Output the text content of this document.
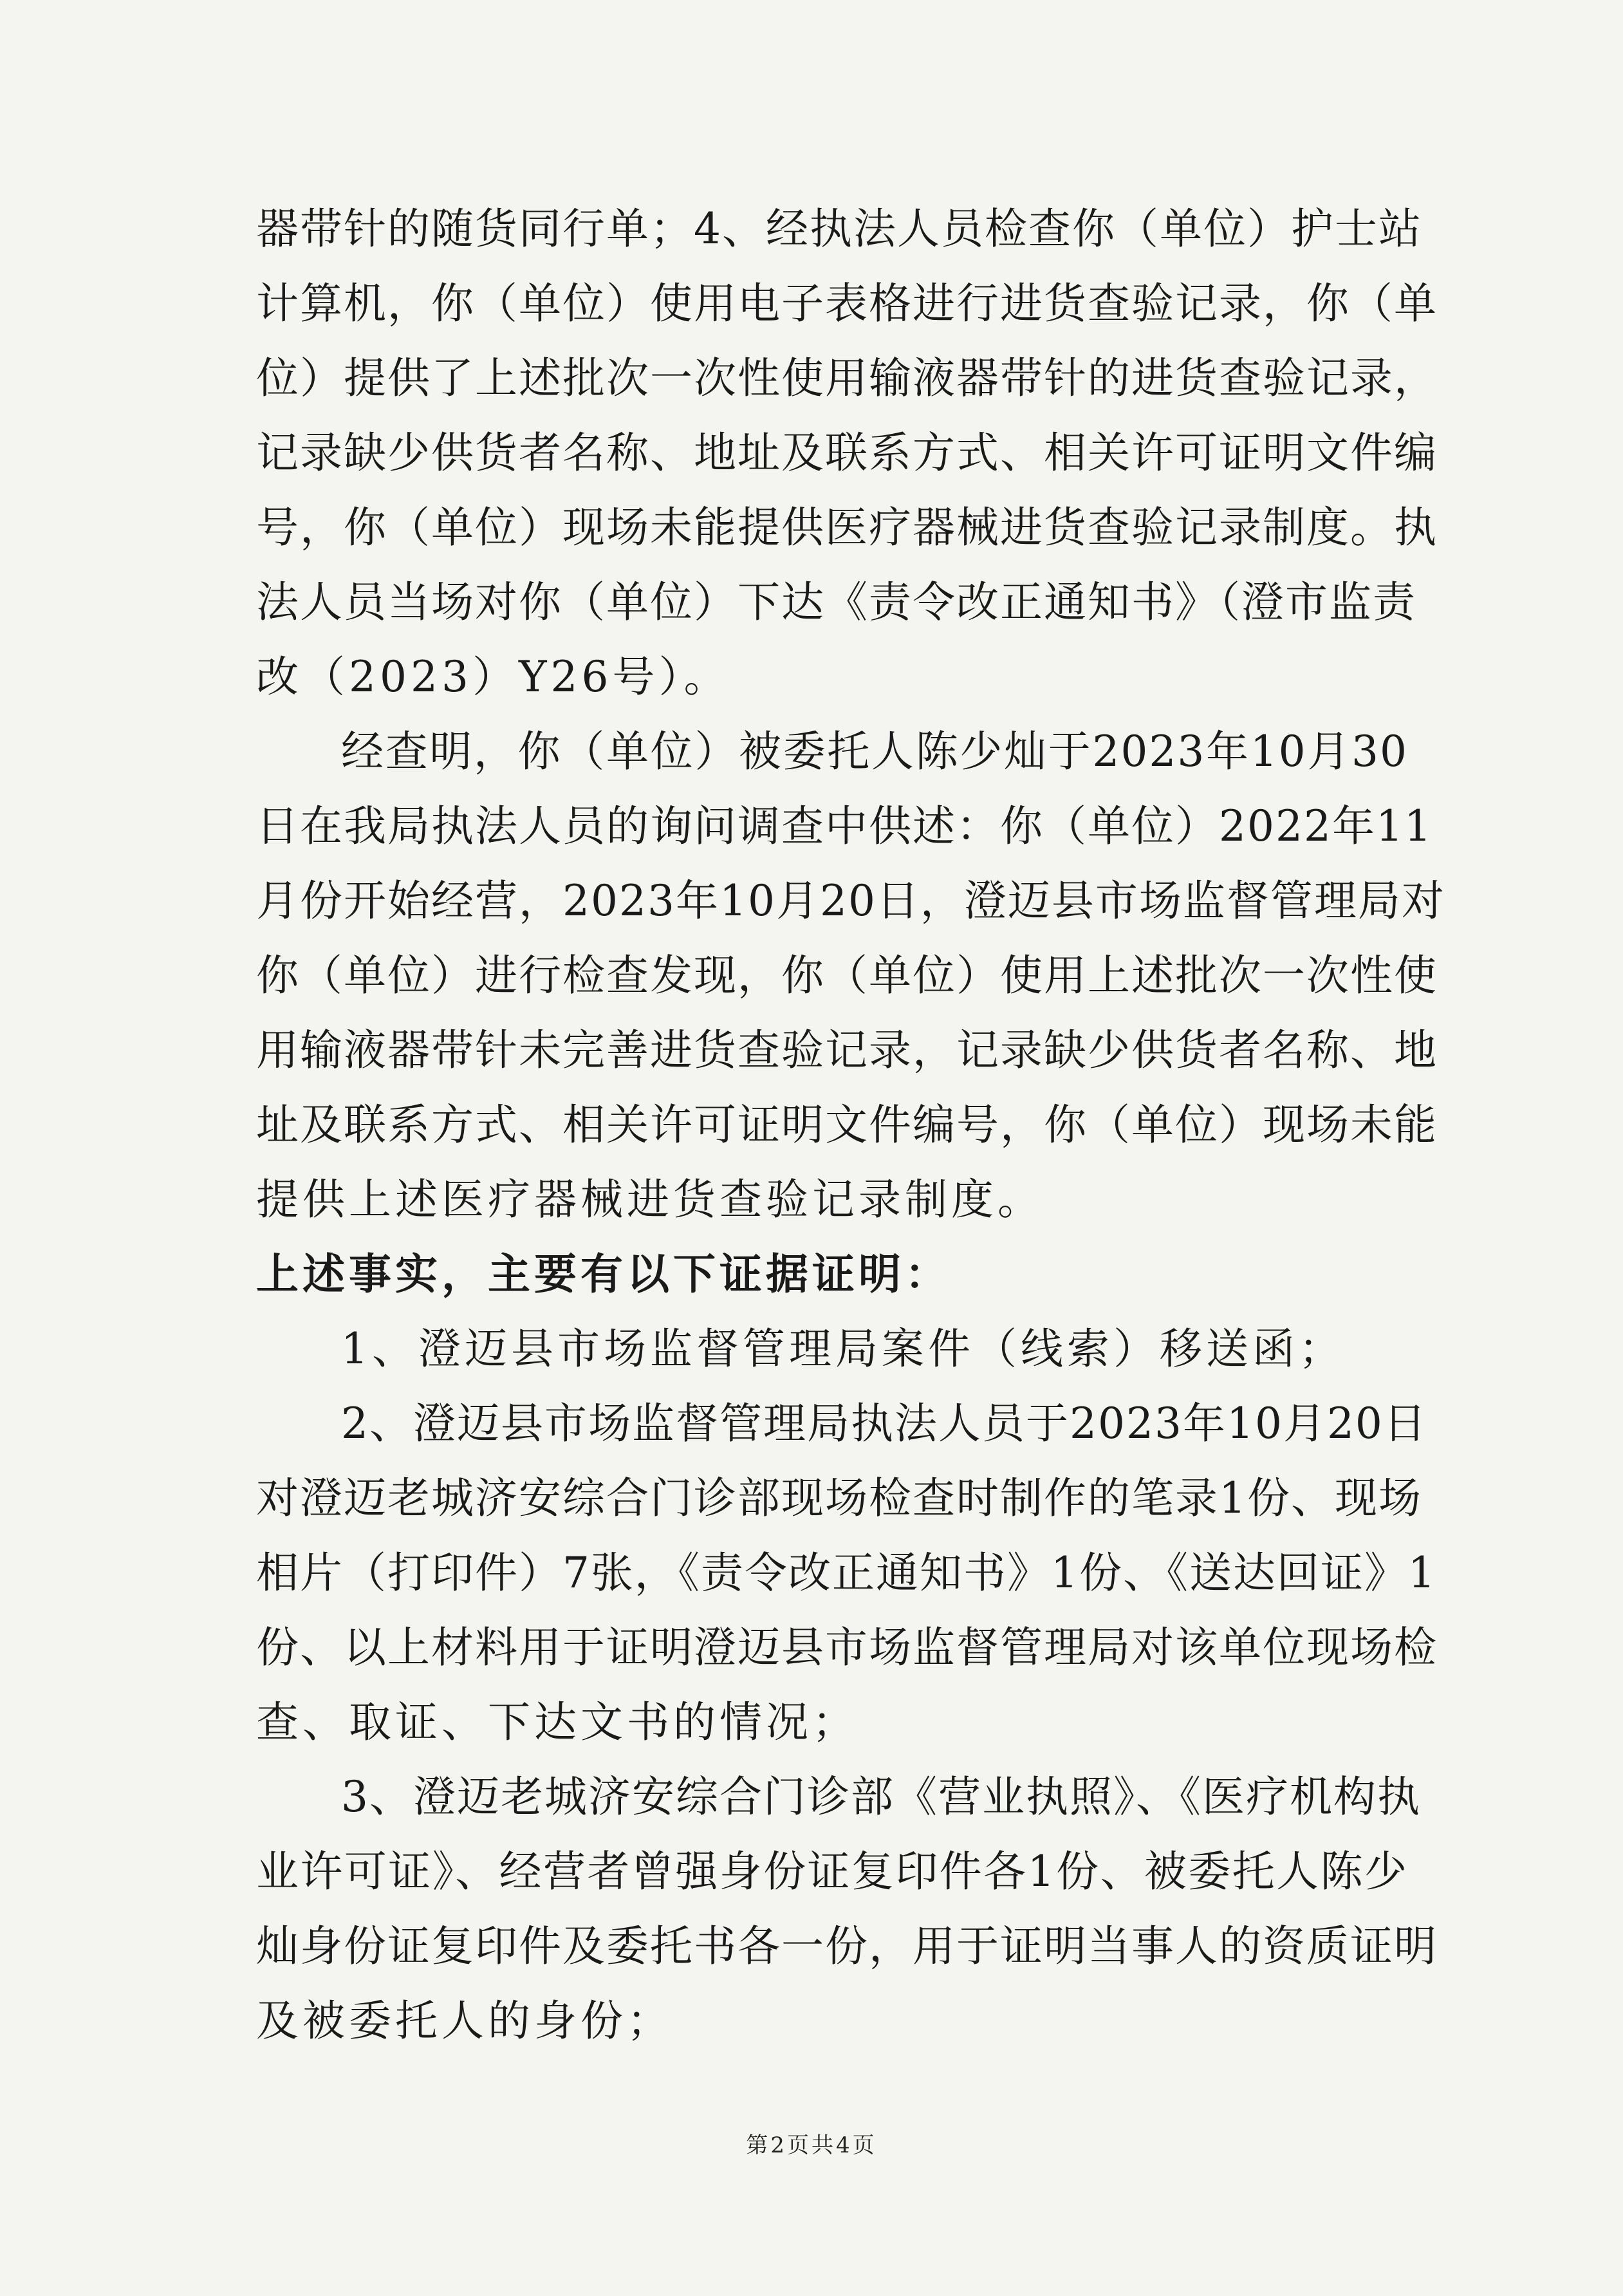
器带针的随货同行单；4、经执法人员检查你（单位）护士站
计算机，你（单位）使用电子表格进行进货查验记录，你（单
位）提供了上述批次一次性使用输液器带针的进货查验记录，
记录缺少供货者名称、地址及联系方式、相关许可证明文件编
号，你（单位）现场未能提供医疗器械进货查验记录制度。执
法人员当场对你（单位）下达《责令改正通知书》（澄市监责
改（2023）Y26号）。
经查明，你（单位）被委托人陈少灿于2023年10月30
日在我局执法人员的询问调查中供述：你（单位）2022年11
月份开始经营，2023年10月20日，澄迈县市场监督管理局对
你（单位）进行检查发现，你（单位）使用上述批次一次性使
用输液器带针未完善进货查验记录，记录缺少供货者名称、地
址及联系方式、相关许可证明文件编号，你（单位）现场未能
提供上述医疗器械进货查验记录制度。
上述事实，主要有以下证据证明：
1、澄迈县市场监督管理局案件（线索）移送函；
2、澄迈县市场监督管理局执法人员于2023年10月20日
对澄迈老城济安综合门诊部现场检查时制作的笔录1份、现场
相片（打印件）7张，《责令改正通知书》1份、《送达回证》1
份、以上材料用于证明澄迈县市场监督管理局对该单位现场检
查、取证、下达文书的情况；
3、澄迈老城济安综合门诊部《营业执照》、《医疗机构执
业许可证》、经营者曾强身份证复印件各1份、被委托人陈少
灿身份证复印件及委托书各一份，用于证明当事人的资质证明
及被委托人的身份；
第2页共4页
